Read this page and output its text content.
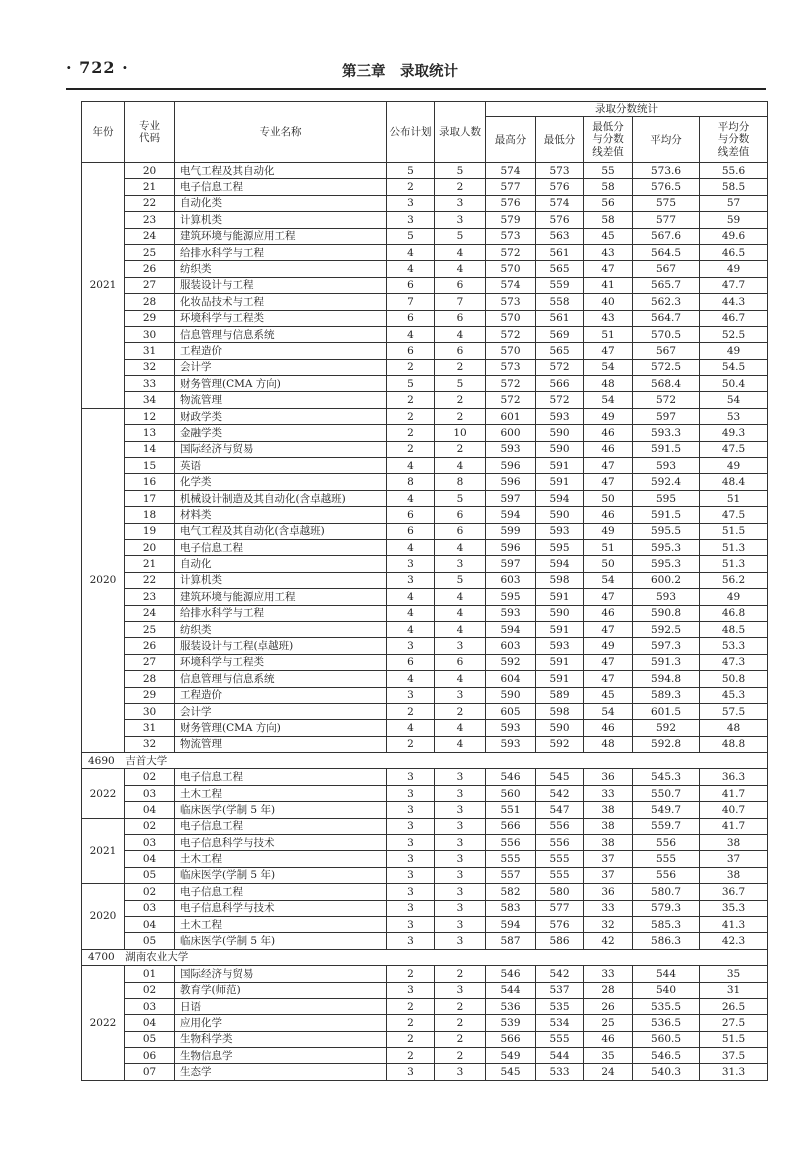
· 722 ·	第三章　录取统计
年份	专业代码	专业名称	公布计划	录取人数	录取分数统计				
					最高分	最低分	最低分与分数线差值	平均分	平均分与分数线差值
2021	20	电气工程及其自动化	5	5	574	573	55	573.6	55.6
	21	电子信息工程	2	2	577	576	58	576.5	58.5
	22	自动化类	3	3	576	574	56	575	57
	23	计算机类	3	3	579	576	58	577	59
	24	建筑环境与能源应用工程	5	5	573	563	45	567.6	49.6
	25	给排水科学与工程	4	4	572	561	43	564.5	46.5
	26	纺织类	4	4	570	565	47	567	49
	27	服装设计与工程	6	6	574	559	41	565.7	47.7
	28	化妆品技术与工程	7	7	573	558	40	562.3	44.3
	29	环境科学与工程类	6	6	570	561	43	564.7	46.7
	30	信息管理与信息系统	4	4	572	569	51	570.5	52.5
	31	工程造价	6	6	570	565	47	567	49
	32	会计学	2	2	573	572	54	572.5	54.5
	33	财务管理(CMA 方向)	5	5	572	566	48	568.4	50.4
	34	物流管理	2	2	572	572	54	572	54
2020	12	财政学类	2	2	601	593	49	597	53
	13	金融学类	2	10	600	590	46	593.3	49.3
	14	国际经济与贸易	2	2	593	590	46	591.5	47.5
	15	英语	4	4	596	591	47	593	49
	16	化学类	8	8	596	591	47	592.4	48.4
	17	机械设计制造及其自动化(含卓越班)	4	5	597	594	50	595	51
	18	材料类	6	6	594	590	46	591.5	47.5
	19	电气工程及其自动化(含卓越班)	6	6	599	593	49	595.5	51.5
	20	电子信息工程	4	4	596	595	51	595.3	51.3
	21	自动化	3	3	597	594	50	595.3	51.3
	22	计算机类	3	5	603	598	54	600.2	56.2
	23	建筑环境与能源应用工程	4	4	595	591	47	593	49
	24	给排水科学与工程	4	4	593	590	46	590.8	46.8
	25	纺织类	4	4	594	591	47	592.5	48.5
	26	服装设计与工程(卓越班)	3	3	603	593	49	597.3	53.3
	27	环境科学与工程类	6	6	592	591	47	591.3	47.3
	28	信息管理与信息系统	4	4	604	591	47	594.8	50.8
	29	工程造价	3	3	590	589	45	589.3	45.3
	30	会计学	2	2	605	598	54	601.5	57.5
	31	财务管理(CMA 方向)	4	4	593	590	46	592	48
	32	物流管理	2	4	593	592	48	592.8	48.8
4690　吉首大学									
2022	02	电子信息工程	3	3	546	545	36	545.3	36.3
	03	土木工程	3	3	560	542	33	550.7	41.7
	04	临床医学(学制 5 年)	3	3	551	547	38	549.7	40.7
2021	02	电子信息工程	3	3	566	556	38	559.7	41.7
	03	电子信息科学与技术	3	3	556	556	38	556	38
	04	土木工程	3	3	555	555	37	555	37
	05	临床医学(学制 5 年)	3	3	557	555	37	556	38
2020	02	电子信息工程	3	3	582	580	36	580.7	36.7
	03	电子信息科学与技术	3	3	583	577	33	579.3	35.3
	04	土木工程	3	3	594	576	32	585.3	41.3
	05	临床医学(学制 5 年)	3	3	587	586	42	586.3	42.3
4700　湖南农业大学									
2022	01	国际经济与贸易	2	2	546	542	33	544	35
	02	教育学(师范)	3	3	544	537	28	540	31
	03	日语	2	2	536	535	26	535.5	26.5
	04	应用化学	2	2	539	534	25	536.5	27.5
	05	生物科学类	2	2	566	555	46	560.5	51.5
	06	生物信息学	2	2	549	544	35	546.5	37.5
	07	生态学	3	3	545	533	24	540.3	31.3
